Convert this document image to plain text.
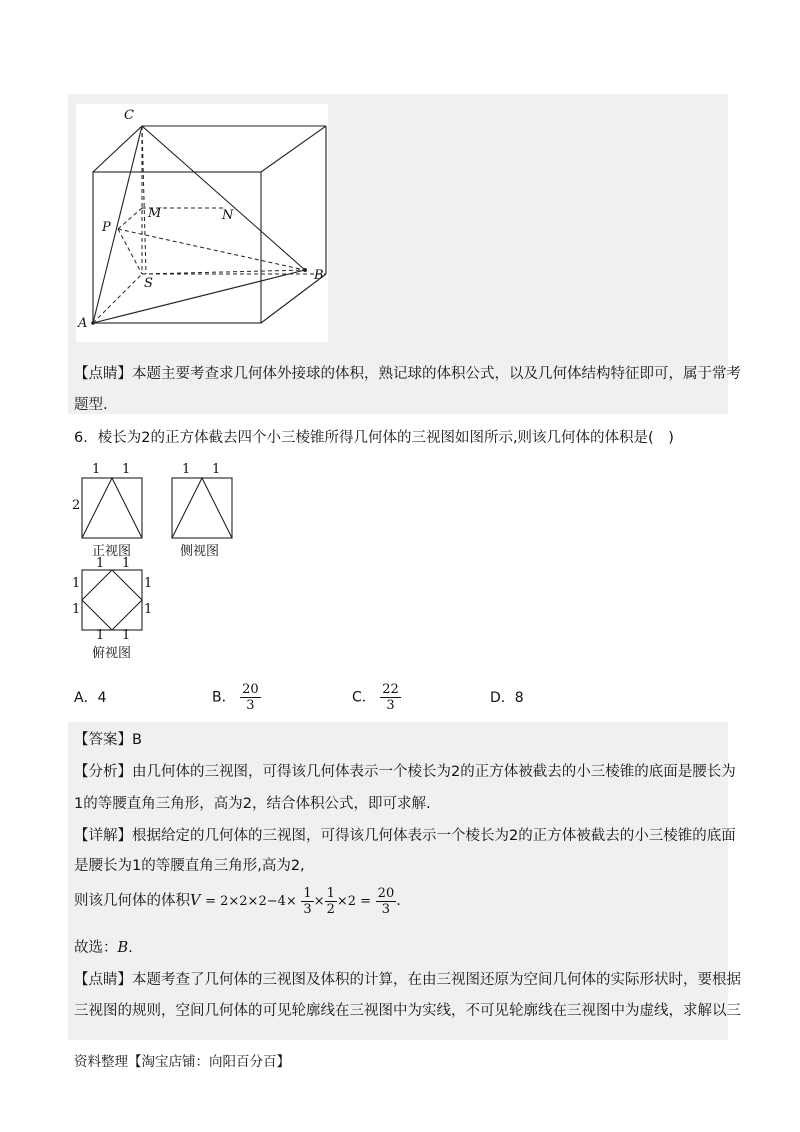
C
M	N
P
S
A
B
【点睛】本题主要考查求几何体外接球的体积，熟记球的体积公式，以及几何体结构特征即可，属于常考
题型.
6．棱长为2的正方体截去四个小三棱锥所得几何体的三视图如图所示,则该几何体的体积是(　)
1 1
2
1 1
正视图	侧视图
1 1
1
1
1
1
1 1
俯视图
A．4	B． $\frac{20}{3}$	C． $\frac{22}{3}$	D．8
【答案】B
【分析】由几何体的三视图，可得该几何体表示一个棱长为2的正方体被截去的小三棱锥的底面是腰长为
1的等腰直角三角形，高为2，结合体积公式，即可求解.
【详解】根据给定的几何体的三视图，可得该几何体表示一个棱长为2的正方体被截去的小三棱锥的底面
是腰长为1的等腰直角三角形,高为2,
则该几何体的体积$V = 2\times 2\times 2-4\times \frac{1}{3} \times \frac{1}{2} \times 2 = \frac{20}{3}$ .
故选：B.
【点睛】本题考查了几何体的三视图及体积的计算，在由三视图还原为空间几何体的实际形状时，要根据
三视图的规则，空间几何体的可见轮廓线在三视图中为实线，不可见轮廓线在三视图中为虚线，求解以三
资料整理【淘宝店铺：向阳百分百】
